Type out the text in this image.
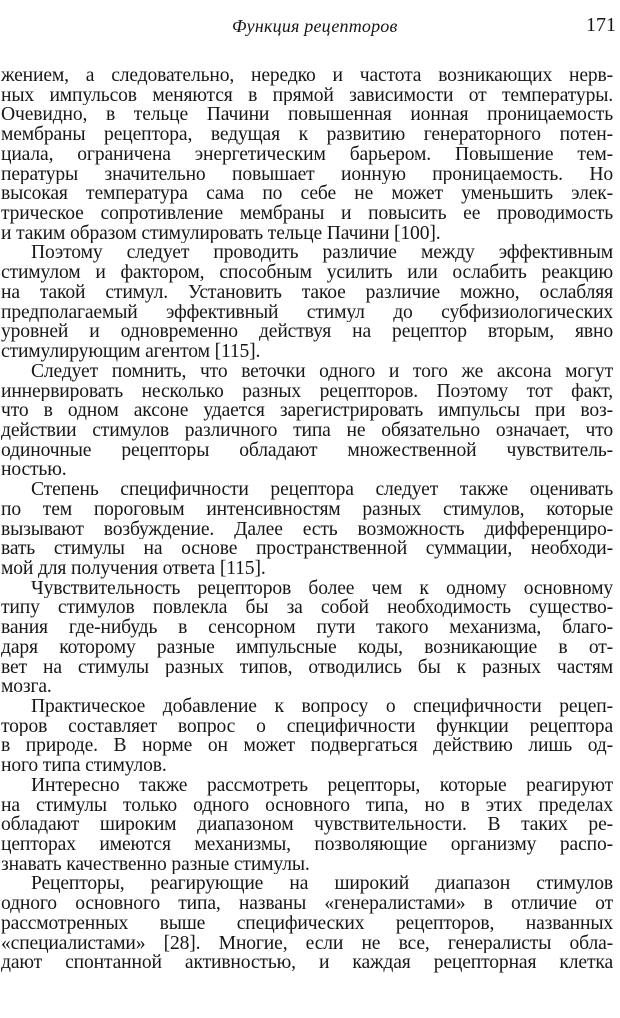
Функция рецепторов	171
жением, а следовательно, нередко и частота возникающих нерв-
ных импульсов меняются в прямой зависимости от температуры.
Очевидно, в тельце Пачини повышенная ионная проницаемость
мембраны рецептора, ведущая к развитию генераторного потен-
циала, ограничена энергетическим барьером. Повышение тем-
пературы значительно повышает ионную проницаемость. Но
высокая температура сама по себе не может уменьшить элек-
трическое сопротивление мембраны и повысить ее проводимость
и таким образом стимулировать тельце Пачини [100].
Поэтому следует проводить различие между эффективным
стимулом и фактором, способным усилить или ослабить реакцию
на такой стимул. Установить такое различие можно, ослабляя
предполагаемый эффективный стимул до субфизиологических
уровней и одновременно действуя на рецептор вторым, явно
стимулирующим агентом [115].
Следует помнить, что веточки одного и того же аксона могут
иннервировать несколько разных рецепторов. Поэтому тот факт,
что в одном аксоне удается зарегистрировать импульсы при воз-
действии стимулов различного типа не обязательно означает, что
одиночные рецепторы обладают множественной чувствитель-
ностью.
Степень специфичности рецептора следует также оценивать
по тем пороговым интенсивностям разных стимулов, которые
вызывают возбуждение. Далее есть возможность дифференциро-
вать стимулы на основе пространственной суммации, необходи-
мой для получения ответа [115].
Чувствительность рецепторов более чем к одному основному
типу стимулов повлекла бы за собой необходимость существо-
вания где-нибудь в сенсорном пути такого механизма, благо-
даря которому разные импульсные коды, возникающие в от-
вет на стимулы разных типов, отводились бы к разных частям
мозга.
Практическое добавление к вопросу о специфичности рецеп-
торов составляет вопрос о специфичности функции рецептора
в природе. В норме он может подвергаться действию лишь од-
ного типа стимулов.
Интересно также рассмотреть рецепторы, которые реагируют
на стимулы только одного основного типа, но в этих пределах
обладают широким диапазоном чувствительности. В таких ре-
цепторах имеются механизмы, позволяющие организму распо-
знавать качественно разные стимулы.
Рецепторы, реагирующие на широкий диапазон стимулов
одного основного типа, названы «генералистами» в отличие от
рассмотренных выше специфических рецепторов, названных
«специалистами» [28]. Многие, если не все, генералисты обла-
дают спонтанной активностью, и каждая рецепторная клетка
